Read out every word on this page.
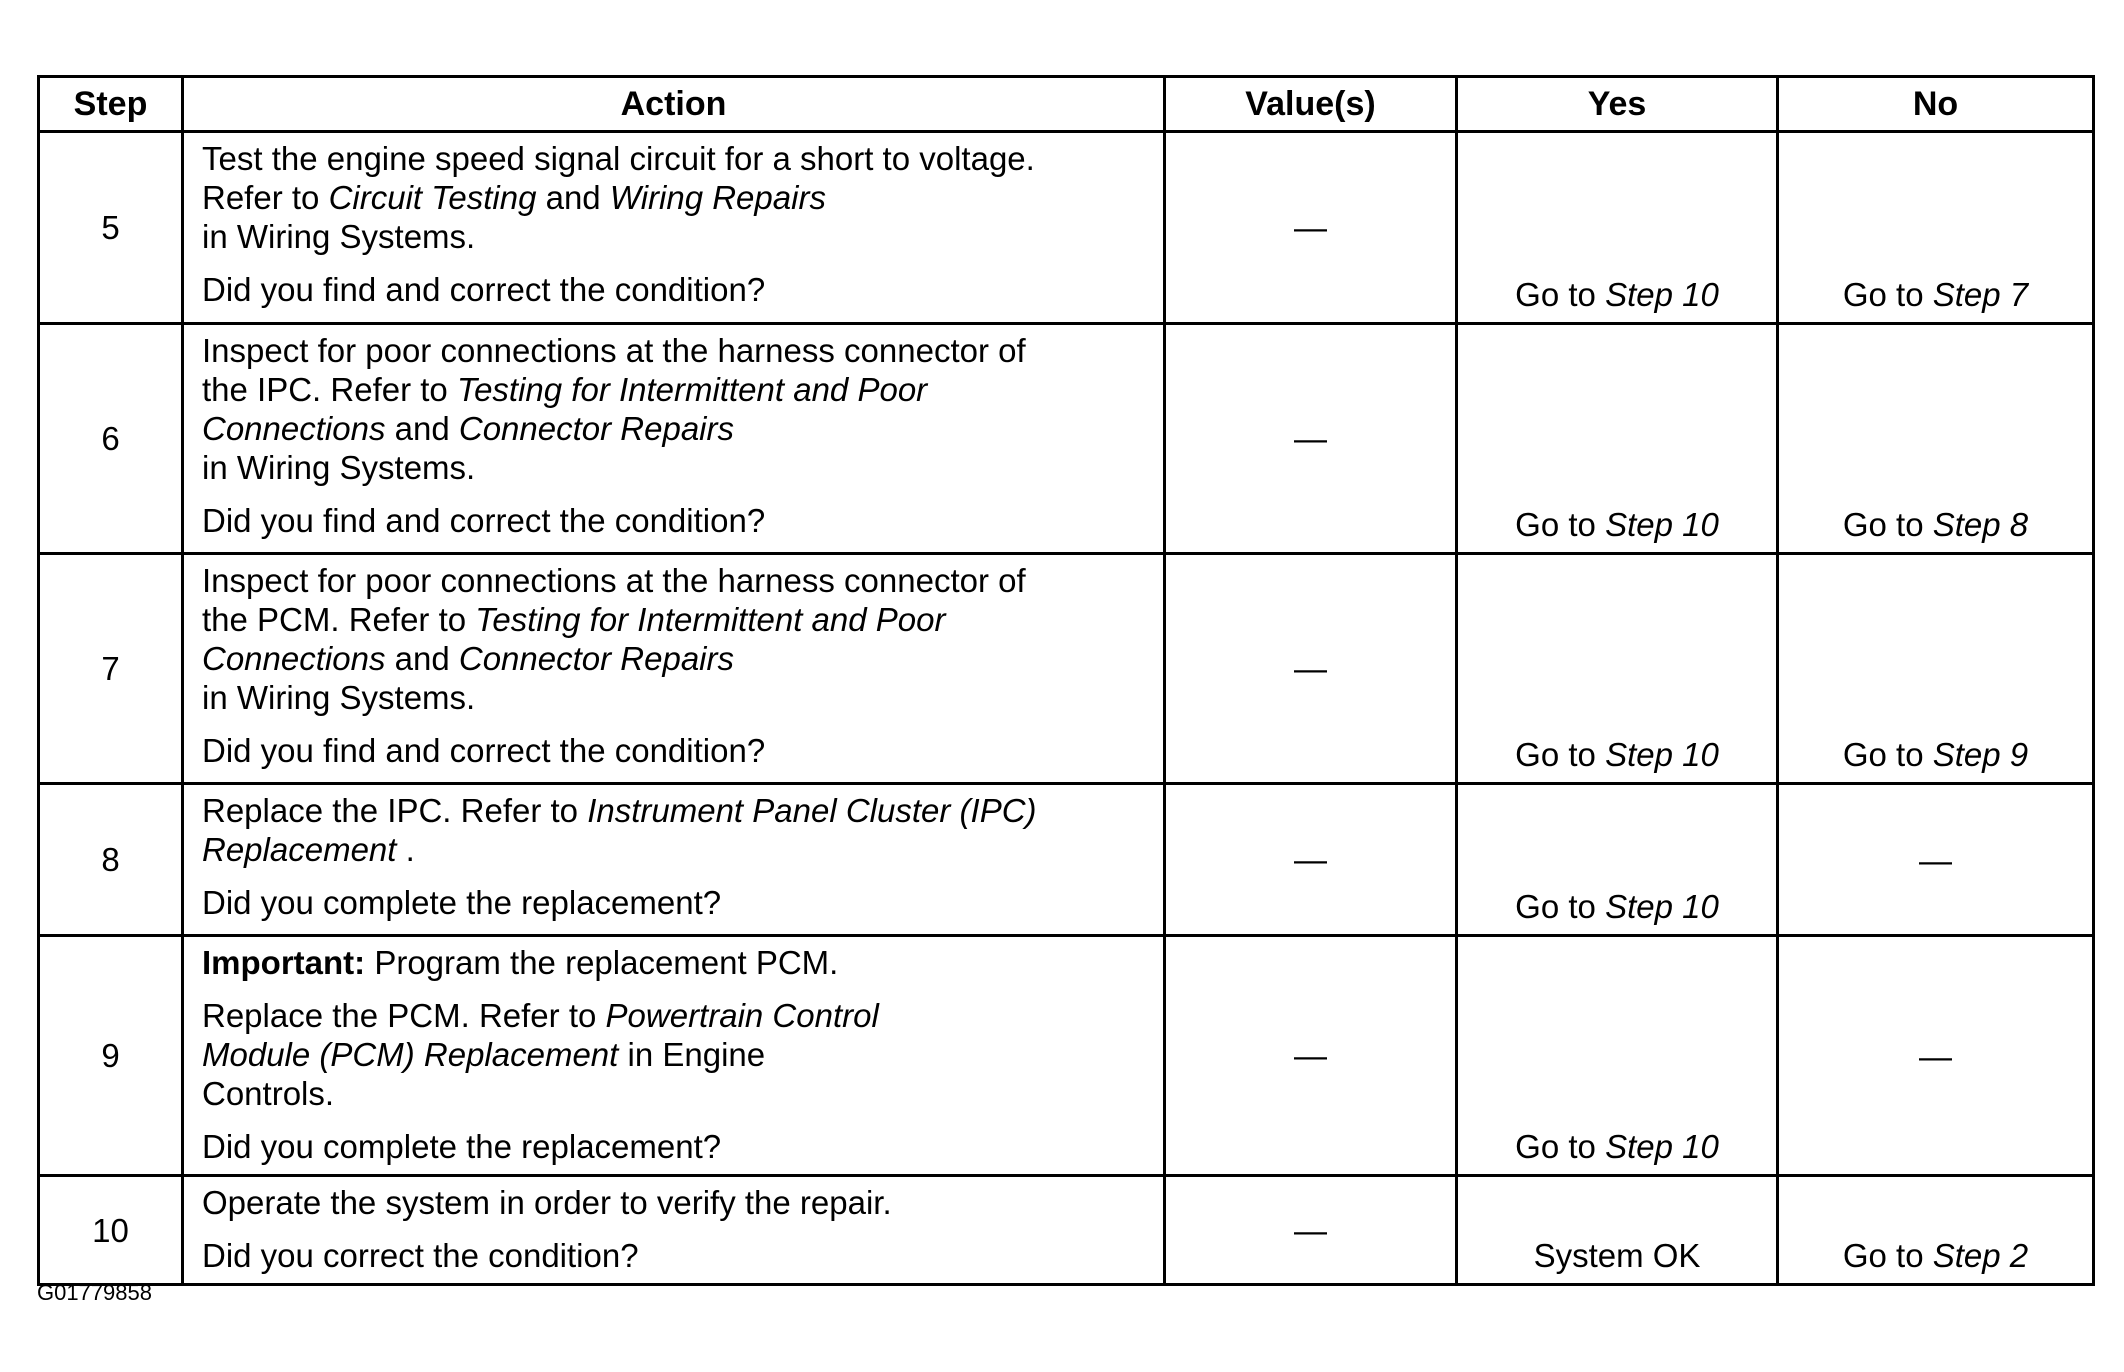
Step	Action	Value(s)	Yes	No
5	Test the engine speed signal circuit for a short to voltage.
Refer to Circuit Testing and Wiring Repairs
in Wiring Systems.
Did you find and correct the condition?	—	Go to Step 10	Go to Step 7
6	Inspect for poor connections at the harness connector of
the IPC. Refer to Testing for Intermittent and Poor
Connections and Connector Repairs
in Wiring Systems.
Did you find and correct the condition?	—	Go to Step 10	Go to Step 8
7	Inspect for poor connections at the harness connector of
the PCM. Refer to Testing for Intermittent and Poor
Connections and Connector Repairs
in Wiring Systems.
Did you find and correct the condition?	—	Go to Step 10	Go to Step 9
8	Replace the IPC. Refer to Instrument Panel Cluster (IPC)
Replacement .
Did you complete the replacement?	—	Go to Step 10	—
9	Important: Program the replacement PCM.
Replace the PCM. Refer to Powertrain Control
Module (PCM) Replacement in Engine
Controls.
Did you complete the replacement?	—	Go to Step 10	—
10	Operate the system in order to verify the repair.
Did you correct the condition?	—	System OK	Go to Step 2
G01779858
